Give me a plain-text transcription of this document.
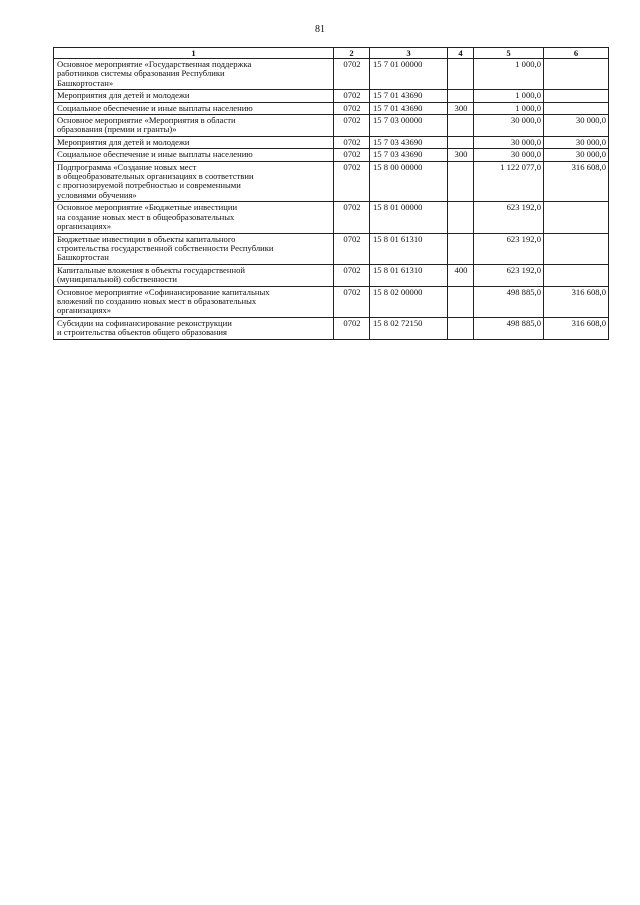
81
1	2	3	4	5	6
Основное мероприятие «Государственная поддержка
работников системы образования Республики
Башкортостан»	0702	15 7 01 00000		1 000,0	
Мероприятия для детей и молодежи	0702	15 7 01 43690		1 000,0	
Социальное обеспечение и иные выплаты населению	0702	15 7 01 43690	300	1 000,0	
Основное мероприятие «Мероприятия в области
образования (премии и гранты)»	0702	15 7 03 00000		30 000,0	30 000,0
Мероприятия для детей и молодежи	0702	15 7 03 43690		30 000,0	30 000,0
Социальное обеспечение и иные выплаты населению	0702	15 7 03 43690	300	30 000,0	30 000,0
Подпрограмма «Создание новых мест
в общеобразовательных организациях в соответствии
с прогнозируемой потребностью и современными
условиями обучения»	0702	15 8 00 00000		1 122 077,0	316 608,0
Основное мероприятие «Бюджетные инвестиции
на создание новых мест в общеобразовательных
организациях»	0702	15 8 01 00000		623 192,0	
Бюджетные инвестиции в объекты капитального
строительства государственной собственности Республики
Башкортостан	0702	15 8 01 61310		623 192,0	
Капитальные вложения в объекты государственной
(муниципальной) собственности	0702	15 8 01 61310	400	623 192,0	
Основное мероприятие «Софинансирование капитальных
вложений по созданию новых мест в образовательных
организациях»	0702	15 8 02 00000		498 885,0	316 608,0
Субсидии на софинансирование реконструкции
и строительства объектов общего образования	0702	15 8 02 72150		498 885,0	316 608,0
